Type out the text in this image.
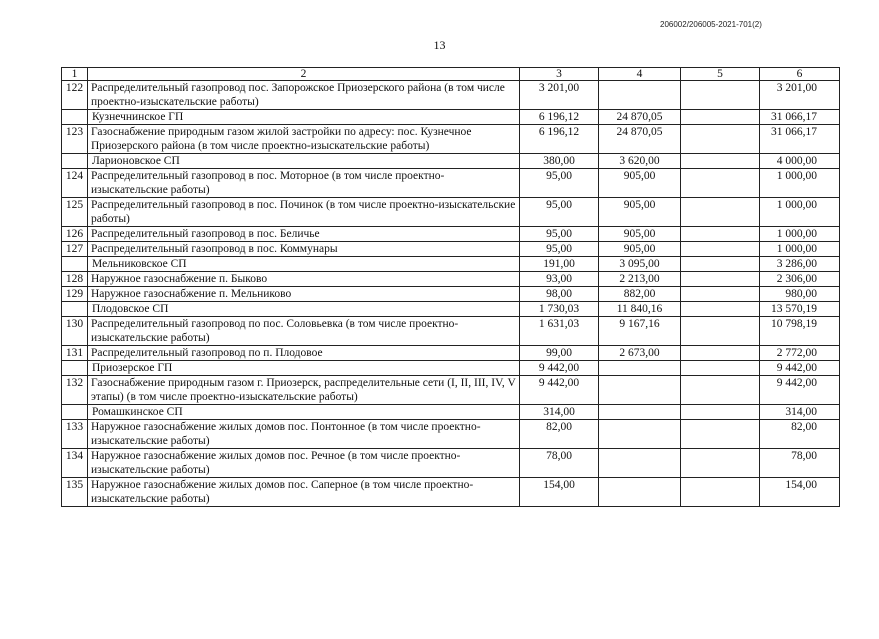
206002/206005-2021-701(2)
13
1	2	3	4	5	6
122	Распределительный газопровод пос. Запорожское Приозерского района (в том числе проектно-изыскательские работы)	3 201,00			3 201,00
	Кузнечнинское ГП	6 196,12	24 870,05		31 066,17
123	Газоснабжение природным газом жилой застройки по адресу: пос. Кузнечное Приозерского района (в том числе проектно-изыскательские работы)	6 196,12	24 870,05		31 066,17
	Ларионовское СП	380,00	3 620,00		4 000,00
124	Распределительный газопровод в пос. Моторное (в том числе проектно-изыскательские работы)	95,00	905,00		1 000,00
125	Распределительный газопровод в пос. Починок (в том числе проектно-изыскательские работы)	95,00	905,00		1 000,00
126	Распределительный газопровод в пос. Беличье	95,00	905,00		1 000,00
127	Распределительный газопровод в пос. Коммунары	95,00	905,00		1 000,00
	Мельниковское СП	191,00	3 095,00		3 286,00
128	Наружное газоснабжение п. Быково	93,00	2 213,00		2 306,00
129	Наружное газоснабжение п. Мельниково	98,00	882,00		980,00
	Плодовское СП	1 730,03	11 840,16		13 570,19
130	Распределительный газопровод по пос. Соловьевка (в том числе проектно-изыскательские работы)	1 631,03	9 167,16		10 798,19
131	Распределительный газопровод по п. Плодовое	99,00	2 673,00		2 772,00
	Приозерское ГП	9 442,00			9 442,00
132	Газоснабжение природным газом г. Приозерск, распределительные сети (I, II, III, IV, V этапы) (в том числе проектно-изыскательские работы)	9 442,00			9 442,00
	Ромашкинское СП	314,00			314,00
133	Наружное газоснабжение жилых домов пос. Понтонное (в том числе проектно-изыскательские работы)	82,00			82,00
134	Наружное газоснабжение жилых домов пос. Речное (в том числе проектно-изыскательские работы)	78,00			78,00
135	Наружное газоснабжение жилых домов пос. Саперное (в том числе проектно-изыскательские работы)	154,00			154,00
